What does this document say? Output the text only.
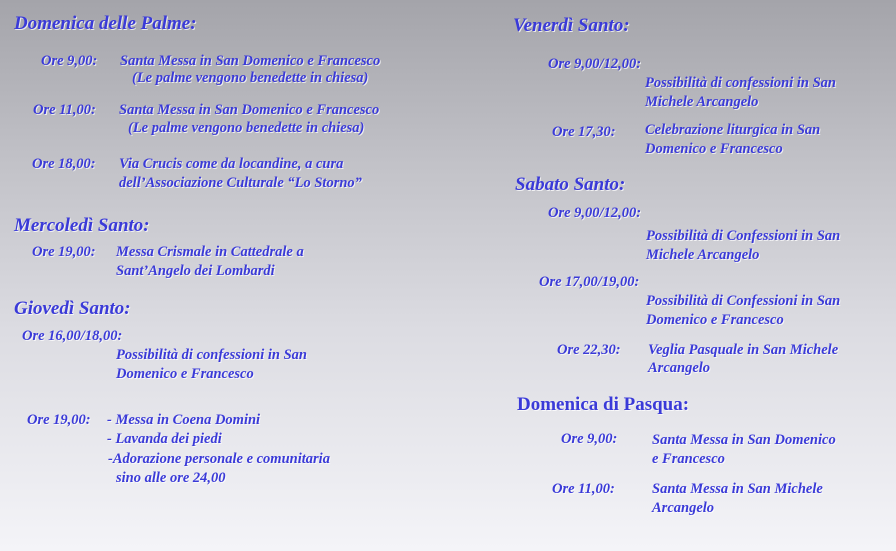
Domenica delle Palme:
Ore 9,00: Santa Messa in San Domenico e Francesco
(Le palme vengono benedette in chiesa)
Ore 11,00: Santa Messa in San Domenico e Francesco
(Le palme vengono benedette in chiesa)
Ore 18,00: Via Crucis come da locandine, a cura
dell’Associazione Culturale “Lo Storno”
Mercoledì Santo:
Ore 19,00: Messa Crismale in Cattedrale a
Sant’Angelo dei Lombardi
Giovedì Santo:
Ore 16,00/18,00:
Possibilità di confessioni in San
Domenico e Francesco
Ore 19,00: - Messa in Coena Domini
- Lavanda dei piedi
-Adorazione personale e comunitaria
sino alle ore 24,00
Venerdì Santo:
Ore 9,00/12,00:
Possibilità di confessioni in San
Michele Arcangelo
Ore 17,30: Celebrazione liturgica in San
Domenico e Francesco
Sabato Santo:
Ore 9,00/12,00:
Possibilità di Confessioni in San
Michele Arcangelo
Ore 17,00/19,00:
Possibilità di Confessioni in San
Domenico e Francesco
Ore 22,30: Veglia Pasquale in San Michele
Arcangelo
Domenica di Pasqua:
Ore 9,00: Santa Messa in San Domenico
e Francesco
Ore 11,00:	Santa Messa in San Michele
Arcangelo
